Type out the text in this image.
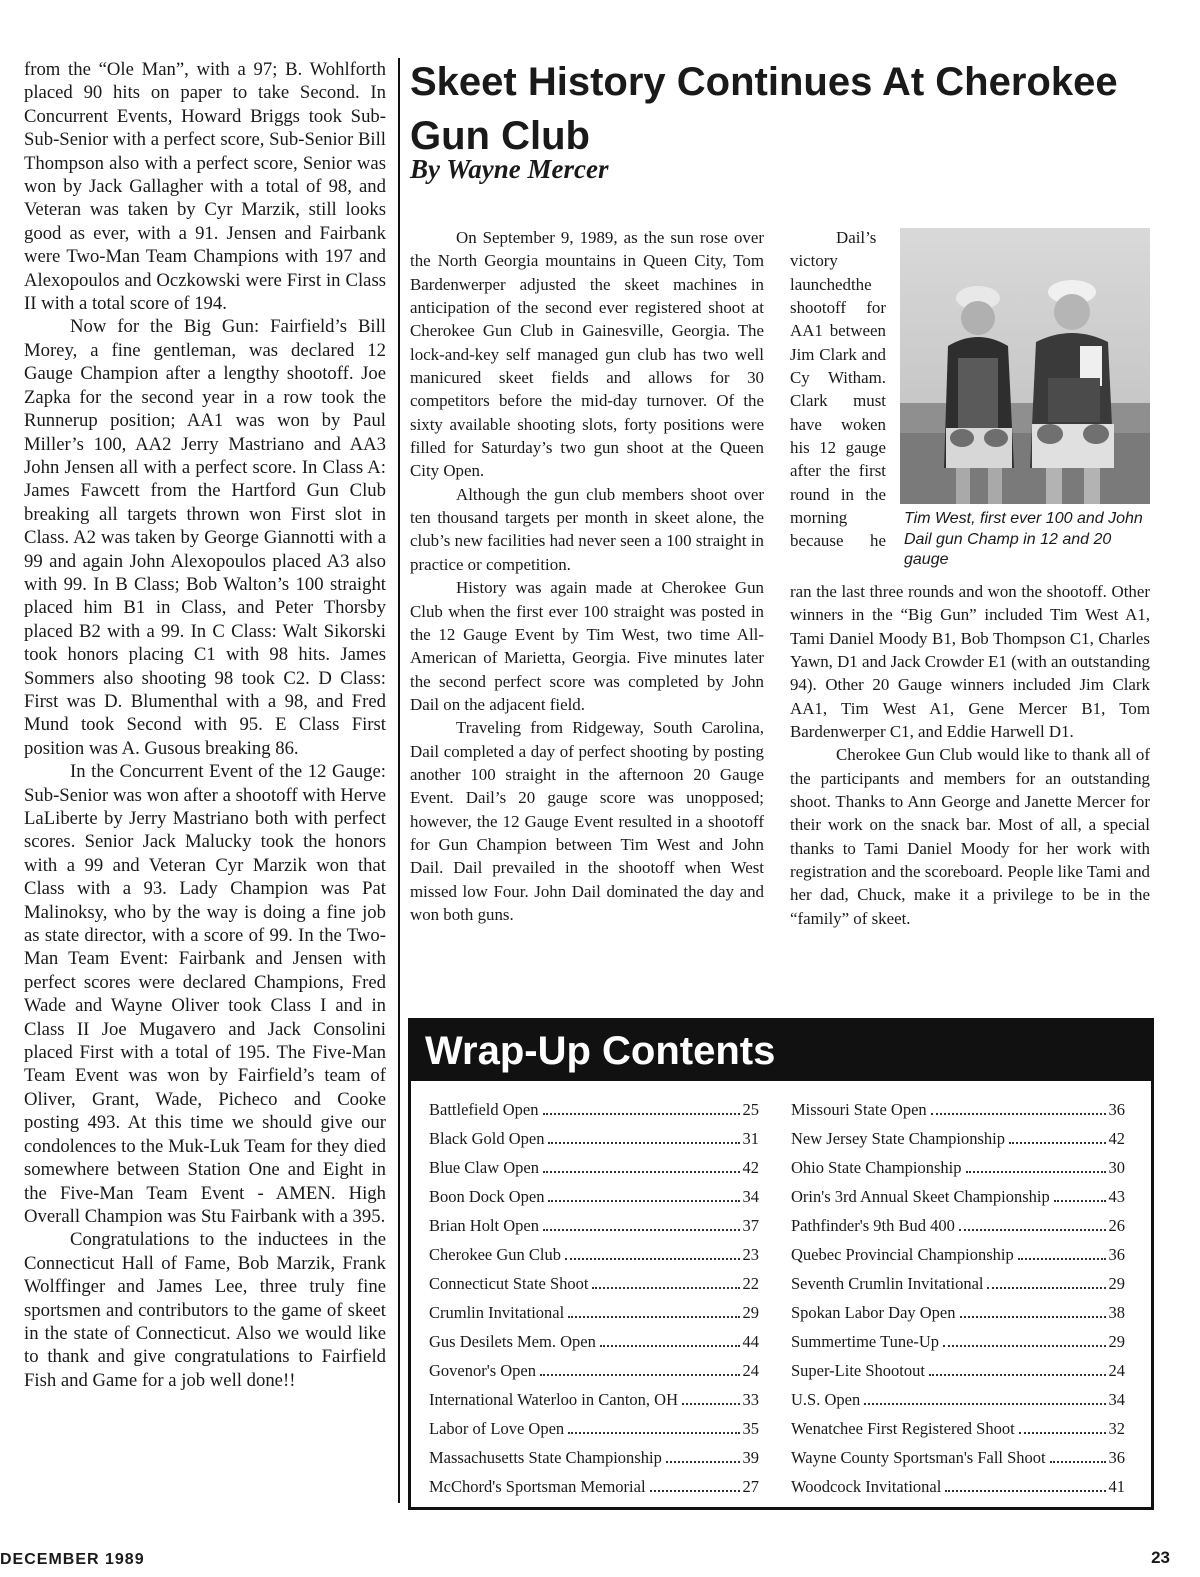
from the “Ole Man”, with a 97; B. Wohlforth placed 90 hits on paper to take Second. In Concurrent Events, Howard Briggs took Sub-Sub-Senior with a perfect score, Sub-Senior Bill Thompson also with a perfect score, Senior was won by Jack Gallagher with a total of 98, and Veteran was taken by Cyr Marzik, still looks good as ever, with a 91. Jensen and Fairbank were Two-Man Team Champions with 197 and Alexopoulos and Oczkowski were First in Class II with a total score of 194.

Now for the Big Gun: Fairfield’s Bill Morey, a fine gentleman, was declared 12 Gauge Champion after a lengthy shootoff. Joe Zapka for the second year in a row took the Runnerup position; AA1 was won by Paul Miller’s 100, AA2 Jerry Mastriano and AA3 John Jensen all with a perfect score. In Class A: James Fawcett from the Hartford Gun Club breaking all targets thrown won First slot in Class. A2 was taken by George Giannotti with a 99 and again John Alexopoulos placed A3 also with 99. In B Class; Bob Walton’s 100 straight placed him B1 in Class, and Peter Thorsby placed B2 with a 99. In C Class: Walt Sikorski took honors placing C1 with 98 hits. James Sommers also shooting 98 took C2. D Class: First was D. Blumenthal with a 98, and Fred Mund took Second with 95. E Class First position was A. Gusous breaking 86.

In the Concurrent Event of the 12 Gauge: Sub-Senior was won after a shootoff with Herve LaLiberte by Jerry Mastriano both with perfect scores. Senior Jack Malucky took the honors with a 99 and Veteran Cyr Marzik won that Class with a 93. Lady Champion was Pat Malinoksy, who by the way is doing a fine job as state director, with a score of 99. In the Two-Man Team Event: Fairbank and Jensen with perfect scores were declared Champions, Fred Wade and Wayne Oliver took Class I and in Class II Joe Mugavero and Jack Consolini placed First with a total of 195. The Five-Man Team Event was won by Fairfield’s team of Oliver, Grant, Wade, Picheco and Cooke posting 493. At this time we should give our condolences to the Muk-Luk Team for they died somewhere between Station One and Eight in the Five-Man Team Event - AMEN. High Overall Champion was Stu Fairbank with a 395.

Congratulations to the inductees in the Connecticut Hall of Fame, Bob Marzik, Frank Wolffinger and James Lee, three truly fine sportsmen and contributors to the game of skeet in the state of Connecticut. Also we would like to thank and give congratulations to Fairfield Fish and Game for a job well done!!

Skeet History Continues At Cherokee Gun Club
By Wayne Mercer

On September 9, 1989, as the sun rose over the North Georgia mountains in Queen City, Tom Bardenwerper adjusted the skeet machines in anticipation of the second ever registered shoot at Cherokee Gun Club in Gainesville, Georgia. The lock-and-key self managed gun club has two well manicured skeet fields and allows for 30 competitors before the mid-day turnover. Of the sixty available shooting slots, forty positions were filled for Saturday’s two gun shoot at the Queen City Open.

Although the gun club members shoot over ten thousand targets per month in skeet alone, the club’s new facilities had never seen a 100 straight in practice or competition.

History was again made at Cherokee Gun Club when the first ever 100 straight was posted in the 12 Gauge Event by Tim West, two time All-American of Marietta, Georgia. Five minutes later the second perfect score was completed by John Dail on the adjacent field.

Traveling from Ridgeway, South Carolina, Dail completed a day of perfect shooting by posting another 100 straight in the afternoon 20 Gauge Event. Dail’s 20 gauge score was unopposed; however, the 12 Gauge Event resulted in a shootoff for Gun Champion between Tim West and John Dail. Dail prevailed in the shootoff when West missed low Four. John Dail dominated the day and won both guns.

Dail’s victory launchedthe shootoff for AA1 between Jim Clark and Cy Witham. Clark must have woken his 12 gauge after the first round in the morning because he

Tim West, first ever 100 and John Dail gun Champ in 12 and 20 gauge

ran the last three rounds and won the shootoff. Other winners in the “Big Gun” included Tim West A1, Tami Daniel Moody B1, Bob Thompson C1, Charles Yawn, D1 and Jack Crowder E1 (with an outstanding 94). Other 20 Gauge winners included Jim Clark AA1, Tim West A1, Gene Mercer B1, Tom Bardenwerper C1, and Eddie Harwell D1.

Cherokee Gun Club would like to thank all of the participants and members for an outstanding shoot. Thanks to Ann George and Janette Mercer for their work on the snack bar. Most of all, a special thanks to Tami Daniel Moody for her work with registration and the scoreboard. People like Tami and her dad, Chuck, make it a privilege to be in the “family” of skeet.

Wrap-Up Contents
Battlefield Open	25
Black Gold Open	31
Blue Claw Open	42
Boon Dock Open	34
Brian Holt Open	37
Cherokee Gun Club	23
Connecticut State Shoot	22
Crumlin Invitational	29
Gus Desilets Mem. Open	44
Govenor's Open	24
International Waterloo in Canton, OH	33
Labor of Love Open	35
Massachusetts State Championship	39
McChord's Sportsman Memorial	27
Missouri State Open	36
New Jersey State Championship	42
Ohio State Championship	30
Orin's 3rd Annual Skeet Championship	43
Pathfinder's 9th Bud 400	26
Quebec Provincial Championship	36
Seventh Crumlin Invitational	29
Spokan Labor Day Open	38
Summertime Tune-Up	29
Super-Lite Shootout	24
U.S. Open	34
Wenatchee First Registered Shoot	32
Wayne County Sportsman's Fall Shoot	36
Woodcock Invitational	41
DECEMBER 1989	23
